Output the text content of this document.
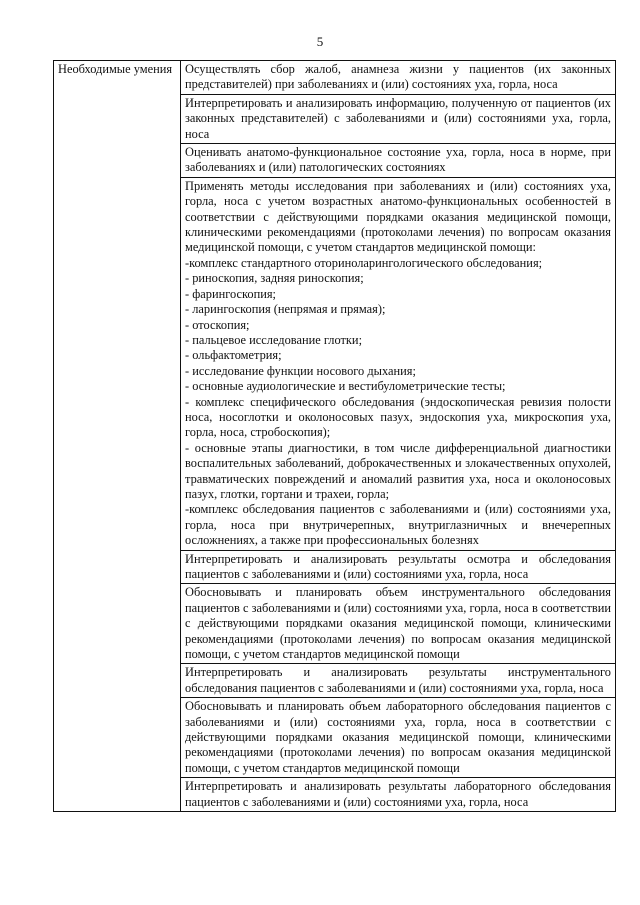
5
Необходимые умения	Осуществлять сбор жалоб, анамнеза жизни у пациентов (их законных представителей) при заболеваниях и (или) состояниях уха, горла, носа

Интерпретировать и анализировать информацию, полученную от пациентов (их законных представителей) с заболеваниями и (или) состояниями уха, горла, носа

Оценивать анатомо-функциональное состояние уха, горла, носа в норме, при заболеваниях и (или) патологических состояниях

Применять методы исследования при заболеваниях и (или) состояниях уха, горла, носа с учетом возрастных анатомо-функциональных особенностей в соответствии с действующими порядками оказания медицинской помощи, клиническими рекомендациями (протоколами лечения) по вопросам оказания медицинской помощи, с учетом стандартов медицинской помощи:
-комплекс стандартного оториноларингологического обследования;
- риноскопия, задняя риноскопия;
- фарингоскопия;
- ларингоскопия (непрямая и прямая);
- отоскопия;
- пальцевое исследование глотки;
- ольфактометрия;
- исследование функции носового дыхания;
- основные аудиологические и вестибулометрические тесты;
- комплекс специфического обследования (эндоскопическая ревизия полости носа, носоглотки и околоносовых пазух, эндоскопия уха, микроскопия уха, горла, носа, стробоскопия);
- основные этапы диагностики, в том числе дифференциальной диагностики воспалительных заболеваний, доброкачественных и злокачественных опухолей, травматических повреждений и аномалий развития уха, носа и околоносовых пазух, глотки, гортани и трахеи, горла;
-комплекс обследования пациентов с заболеваниями и (или) состояниями уха, горла, носа при внутричерепных, внутриглазничных и внечерепных осложнениях, а также при профессиональных болезнях

Интерпретировать и анализировать результаты осмотра и обследования пациентов с заболеваниями и (или) состояниями уха, горла, носа

Обосновывать и планировать объем инструментального обследования пациентов с заболеваниями и (или) состояниями уха, горла, носа в соответствии с действующими порядками оказания медицинской помощи, клиническими рекомендациями (протоколами лечения) по вопросам оказания медицинской помощи, с учетом стандартов медицинской помощи

Интерпретировать и анализировать результаты инструментального обследования пациентов с заболеваниями и (или) состояниями уха, горла, носа

Обосновывать и планировать объем лабораторного обследования пациентов с заболеваниями и (или) состояниями уха, горла, носа в соответствии с действующими порядками оказания медицинской помощи, клиническими рекомендациями (протоколами лечения) по вопросам оказания медицинской помощи, с учетом стандартов медицинской помощи

Интерпретировать и анализировать результаты лабораторного обследования пациентов с заболеваниями и (или) состояниями уха, горла, носа
